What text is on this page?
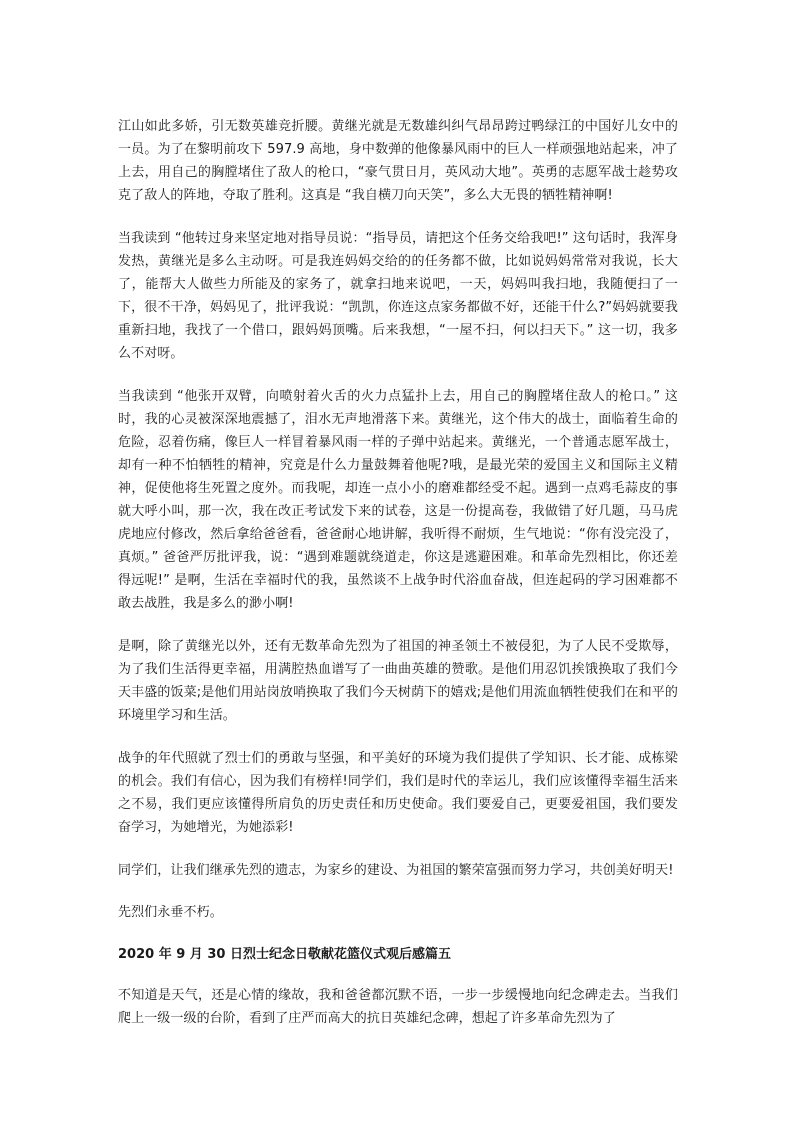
江山如此多娇，引无数英雄竞折腰。黄继光就是无数雄纠纠气昂昂跨过鸭绿江的中国好儿女中的一员。为了在黎明前攻下 597.9 高地，身中数弹的他像暴风雨中的巨人一样顽强地站起来，冲了上去，用自己的胸膛堵住了敌人的枪口，“豪气贯日月，英风动大地”。英勇的志愿军战士趁势攻克了敌人的阵地，夺取了胜利。这真是 “我自横刀向天笑”，多么大无畏的牺牲精神啊!

当我读到 “他转过身来坚定地对指导员说：“指导员，请把这个任务交给我吧!” 这句话时，我浑身发热，黄继光是多么主动呀。可是我连妈妈交给的的任务都不做，比如说妈妈常常对我说，长大了，能帮大人做些力所能及的家务了，就拿扫地来说吧，一天，妈妈叫我扫地，我随便扫了一下，很不干净，妈妈见了，批评我说：“凯凯，你连这点家务都做不好，还能干什么?”妈妈就要我重新扫地，我找了一个借口，跟妈妈顶嘴。后来我想，“一屋不扫，何以扫天下。” 这一切，我多么不对呀。

当我读到 “他张开双臂，向喷射着火舌的火力点猛扑上去，用自己的胸膛堵住敌人的枪口。” 这时，我的心灵被深深地震撼了，泪水无声地滑落下来。黄继光，这个伟大的战士，面临着生命的危险，忍着伤痛，像巨人一样冒着暴风雨一样的子弹中站起来。黄继光，一个普通志愿军战士，却有一种不怕牺牲的精神，究竟是什么力量鼓舞着他呢?哦，是最光荣的爱国主义和国际主义精神，促使他将生死置之度外。而我呢，却连一点小小的磨难都经受不起。遇到一点鸡毛蒜皮的事就大呼小叫，那一次，我在改正考试发下来的试卷，这是一份提高卷，我做错了好几题，马马虎虎地应付修改，然后拿给爸爸看，爸爸耐心地讲解，我听得不耐烦，生气地说：“你有没完没了，真烦。” 爸爸严厉批评我，说：“遇到难题就绕道走，你这是逃避困难。和革命先烈相比，你还差得远呢!” 是啊，生活在幸福时代的我，虽然谈不上战争时代浴血奋战，但连起码的学习困难都不敢去战胜，我是多么的渺小啊!

是啊，除了黄继光以外，还有无数革命先烈为了祖国的神圣领土不被侵犯，为了人民不受欺辱，为了我们生活得更幸福，用满腔热血谱写了一曲曲英雄的赞歌。是他们用忍饥挨饿换取了我们今天丰盛的饭菜;是他们用站岗放哨换取了我们今天树荫下的嬉戏;是他们用流血牺牲使我们在和平的环境里学习和生活。

战争的年代照就了烈士们的勇敢与坚强，和平美好的环境为我们提供了学知识、长才能、成栋梁的机会。我们有信心，因为我们有榜样!同学们，我们是时代的幸运儿，我们应该懂得幸福生活来之不易，我们更应该懂得所肩负的历史责任和历史使命。我们要爱自己，更要爱祖国，我们要发奋学习，为她增光，为她添彩!

同学们，让我们继承先烈的遗志，为家乡的建设、为祖国的繁荣富强而努力学习，共创美好明天!

先烈们永垂不朽。

2020 年 9 月 30 日烈士纪念日敬献花篮仪式观后感篇五

不知道是天气，还是心情的缘故，我和爸爸都沉默不语，一步一步缓慢地向纪念碑走去。当我们爬上一级一级的台阶，看到了庄严而高大的抗日英雄纪念碑，想起了许多革命先烈为了
